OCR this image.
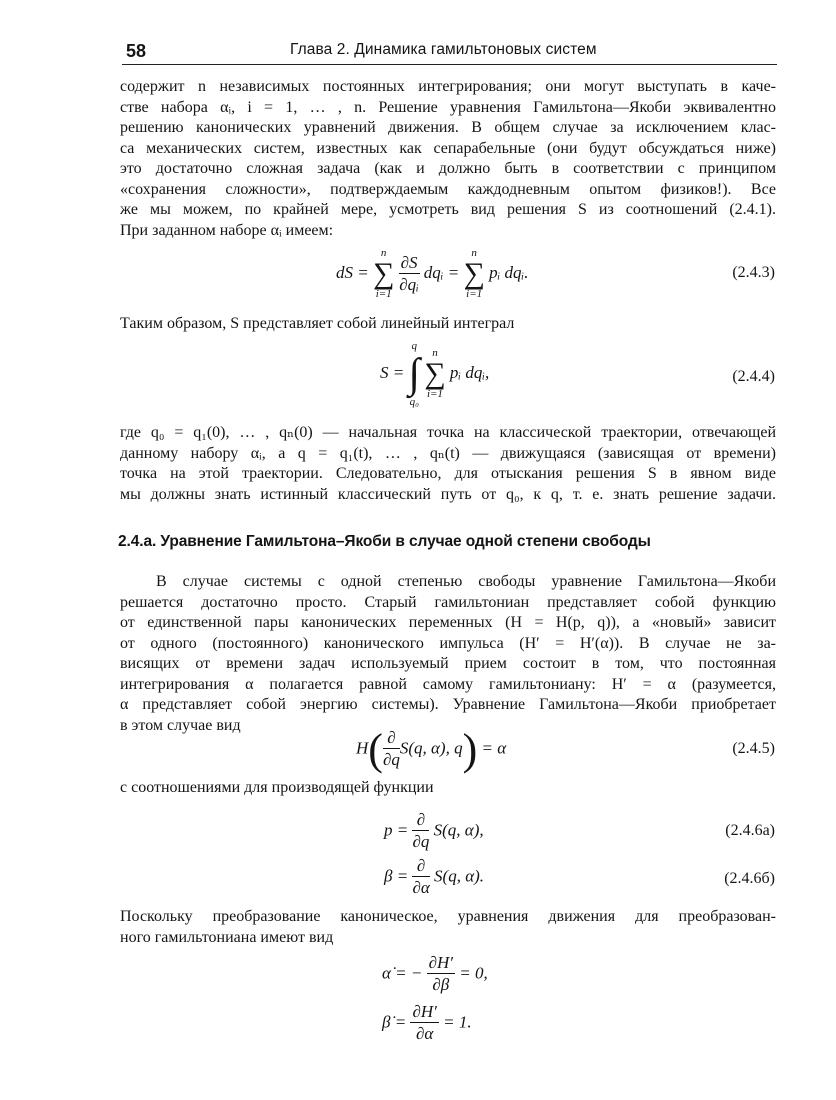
58	Глава 2. Динамика гамильтоновых систем
содержит n независимых постоянных интегрирования; они могут выступать в каче-
стве набора αᵢ, i = 1, … , n. Решение уравнения Гамильтона—Якоби эквивалентно
решению канонических уравнений движения. В общем случае за исключением клас-
са механических систем, известных как сепарабельные (они будут обсуждаться ниже)
это достаточно сложная задача (как и должно быть в соответствии с принципом
«сохранения сложности», подтверждаемым каждодневным опытом физиков!). Все
же мы можем, по крайней мере, усмотреть вид решения S из соотношений (2.4.1).
При заданном наборе αᵢ имеем:
dS =
n
∑
i=1
$\frac{\partial S}{\text{∂qᵢ}}$ dqᵢ =
n
∑
i=1
pᵢ dqᵢ.	(2.4.3)
Таким образом, S представляет собой линейный интеграл
S =
q
∫
q₀

n
∑
i=1
pᵢ dqᵢ,	(2.4.4)
где q₀ = q₁(0), … , qₙ(0) — начальная точка на классической траектории, отвечающей
данному набору αᵢ, а q = q₁(t), … , qₙ(t) — движущаяся (зависящая от времени)
точка на этой траектории. Следовательно, для отыскания решения S в явном виде
мы должны знать истинный классический путь от q₀, к q, т. е. знать решение задачи.
2.4.а. Уравнение Гамильтона–Якоби в случае одной степени свободы
В случае системы с одной степенью свободы уравнение Гамильтона—Якоби
решается достаточно просто. Старый гамильтониан представляет собой функцию
от единственной пары канонических переменных (H = H(p, q)), а «новый» зависит
от одного (постоянного) канонического импульса (H′ = H′(α)). В случае не за-
висящих от времени задач используемый прием состоит в том, что постоянная
интегрирования α полагается равной самому гамильтониану: H′ = α (разумеется,
α представляет собой энергию системы). Уравнение Гамильтона—Якоби приобретает
в этом случае вид
$H( \frac{\partial}{\partial q} S(q$, α), q) = α	(2.4.5)
с соотношениями для производящей функции
$p = \frac{\partial}{\partial q} S(q$, α),	(2.4.6а)
$\beta = \frac{\partial}{\partial\alpha} S(q$, α).	(2.4.6б)
Поскольку преобразование каноническое, уравнения движения для преобразован-
ного гамильтониана имеют вид
α̇ = − $\frac{\partial H'}{\partial\beta} = 0$,
β̇ = $\frac{\partial H'}{\partial\alpha} = 1$.
